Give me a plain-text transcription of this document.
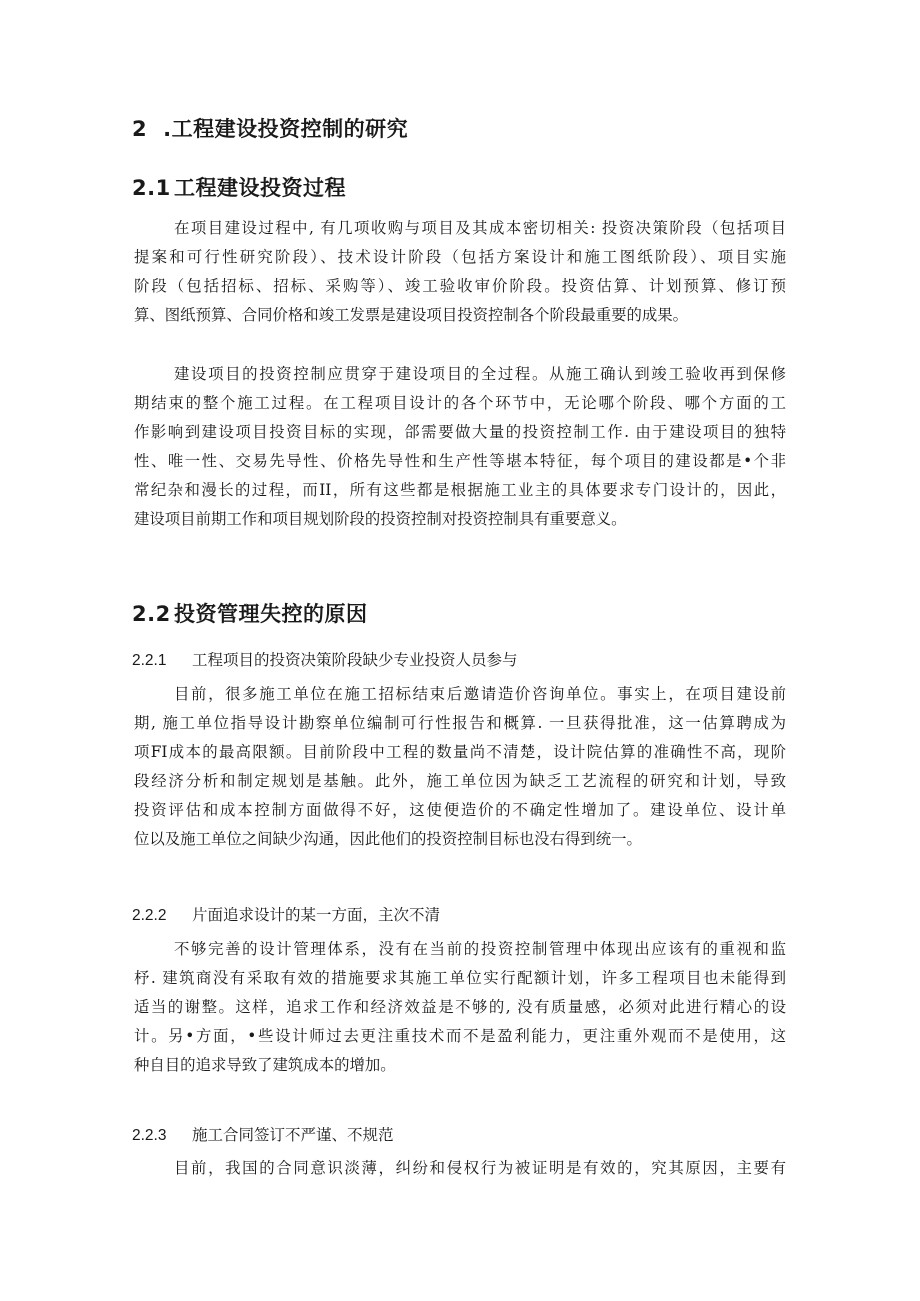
2 .工程建设投资控制的研究
2.1 工程建设投资过程
在项目建设过程中, 有几项收购与项目及其成本密切相关: 投资决策阶段（包括项目
提案和可行性研究阶段）、技术设计阶段（包括方案设计和施工图纸阶段）、项目实施
阶段（包括招标、招标、采购等）、竣工验收审价阶段。投资估算、计划预算、修订预
算、图纸预算、合同价格和竣工发票是建设项目投资控制各个阶段最重要的成果。
建设项目的投资控制应贯穿于建设项目的全过程。从施工确认到竣工验收再到保修
期结束的整个施工过程。在工程项目设计的各个环节中，无论哪个阶段、哪个方面的工
作影响到建设项目投资目标的实现，郃需要做大量的投资控制工作. 由于建设项目的独特
性、唯一性、交易先导性、价格先导性和生产性等堪本特征，每个项目的建设都是•个非
常纪杂和漫长的过程，而II，所有这些都是根据施工业主的具体要求专门设计的，因此，
建设项目前期工作和项目规划阶段的投资控制对投资控制具有重要意义。
2.2 投资管理失控的原因
2.2.1 工程项目的投资决策阶段缺少专业投资人员参与
目前，很多施工单位在施工招标结束后邀请造价咨询单位。事实上，在项目建设前
期, 施工单位指导设计勘察单位编制可行性报告和概算. 一旦获得批准，这一估算聘成为
项FI成本的最高限额。目前阶段中工程的数量尚不清楚，设计院估算的准确性不高，现阶
段经济分析和制定规划是基触。此外，施工单位因为缺乏工艺流程的研究和计划，导致
投资评估和成本控制方面做得不好，这使便造价的不确定性增加了。建设单位、设计单
位以及施工单位之间缺少沟通，因此他们的投资控制目标也没右得到统一。
2.2.2 片面追求设计的某一方面，主次不清
不够完善的设计管理体系，没有在当前的投资控制管理中体现出应该有的重视和监
杼. 建筑商没有采取有效的措施要求其施工单位实行配额计划，许多工程项目也未能得到
适当的谢整。这样，追求工作和经济效益是不够的, 没有质量感，必须对此进行精心的设
计。另•方面，•些设计师过去更注重技术而不是盈利能力，更注重外观而不是使用，这
种自目的追求导致了建筑成本的增加。
2.2.3 施工合同签订不严谨、不规范
目前，我国的合同意识淡薄，纠纷和侵权行为被证明是有效的，究其原因，主要有
